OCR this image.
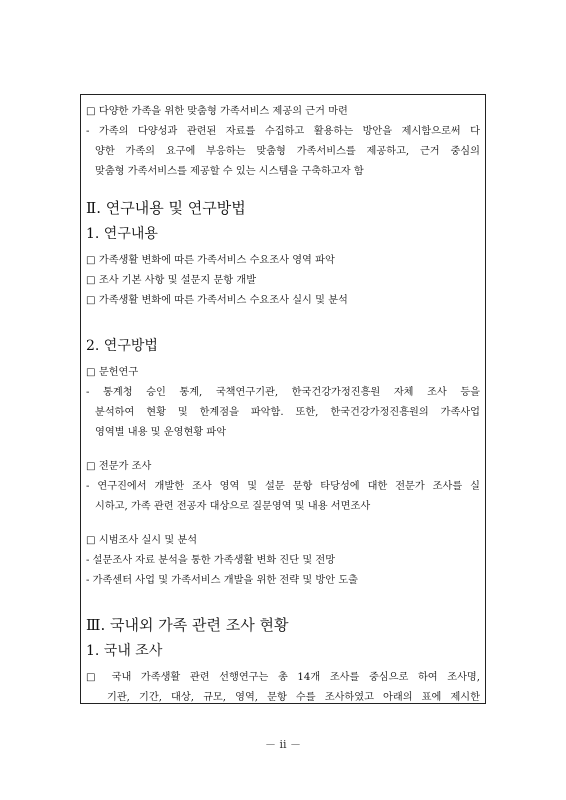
□ 다양한 가족을 위한 맞춤형 가족서비스 제공의 근거 마련
- 가족의 다양성과 관련된 자료를 수집하고 활용하는 방안을 제시함으로써 다
양한 가족의 요구에 부응하는 맞춤형 가족서비스를 제공하고, 근거 중심의
맞춤형 가족서비스를 제공할 수 있는 시스템을 구축하고자 함
Ⅱ. 연구내용 및 연구방법
1. 연구내용
□ 가족생활 변화에 따른 가족서비스 수요조사 영역 파악
□ 조사 기본 사항 및 설문지 문항 개발
□ 가족생활 변화에 따른 가족서비스 수요조사 실시 및 분석
2. 연구방법
□ 문헌연구
- 통계청 승인 통계, 국책연구기관, 한국건강가정진흥원 자체 조사 등을
분석하여 현황 및 한계점을 파악함. 또한, 한국건강가정진흥원의 가족사업
영역별 내용 및 운영현황 파악
□ 전문가 조사
- 연구진에서 개발한 조사 영역 및 설문 문항 타당성에 대한 전문가 조사를 실
시하고, 가족 관련 전공자 대상으로 질문영역 및 내용 서면조사
□ 시범조사 실시 및 분석
- 설문조사 자료 분석을 통한 가족생활 변화 진단 및 전망
- 가족센터 사업 및 가족서비스 개발을 위한 전략 및 방안 도출
Ⅲ. 국내외 가족 관련 조사 현황
1. 국내 조사
□ 국내 가족생활 관련 선행연구는 총 14개 조사를 중심으로 하여 조사명,
기관, 기간, 대상, 규모, 영역, 문항 수를 조사하였고 아래의 표에 제시한
－ ii －
